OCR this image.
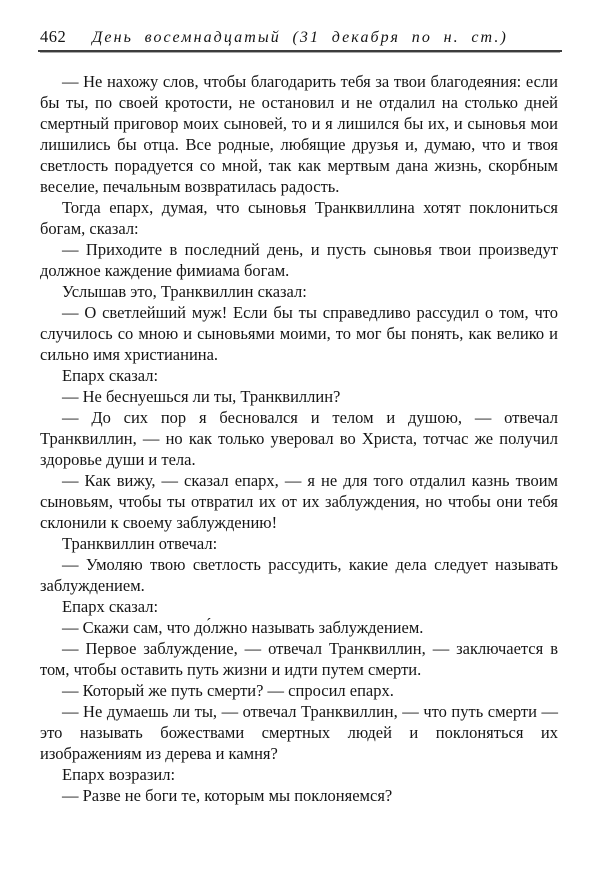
462	День восемнадцатый (31 декабря по н. ст.)

— Не нахожу слов, чтобы благодарить тебя за твои благодеяния: если бы ты, по своей кротости, не остановил и не отдалил на столько дней смертный приговор моих сыновей, то и я лишился бы их, и сыновья мои лишились бы отца. Все родные, любящие друзья и, думаю, что и твоя светлость порадуется со мной, так как мертвым дана жизнь, скорбным веселие, печальным возвратилась радость.

Тогда епарх, думая, что сыновья Транквиллина хотят поклониться богам, сказал:

— Приходите в последний день, и пусть сыновья твои произведут должное каждение фимиама богам.

Услышав это, Транквиллин сказал:

— О светлейший муж! Если бы ты справедливо рассудил о том, что случилось со мною и сыновьями моими, то мог бы понять, как велико и сильно имя христианина.

Епарх сказал:

— Не беснуешься ли ты, Транквиллин?

— До сих пор я бесновался и телом и душою, — отвечал Транквиллин, — но как только уверовал во Христа, тотчас же получил здоровье души и тела.

— Как вижу, — сказал епарх, — я не для того отдалил казнь твоим сыновьям, чтобы ты отвратил их от их заблуждения, но чтобы они тебя склонили к своему заблуждению!

Транквиллин отвечал:

— Умоляю твою светлость рассудить, какие дела следует называть заблуждением.

Епарх сказал:

— Скажи сам, что до́лжно называть заблуждением.

— Первое заблуждение, — отвечал Транквиллин, — заключается в том, чтобы оставить путь жизни и идти путем смерти.

— Который же путь смерти? — спросил епарх.

— Не думаешь ли ты, — отвечал Транквиллин, — что путь смерти — это называть божествами смертных людей и поклоняться их изображениям из дерева и камня?

Епарх возразил:

— Разве не боги те, которым мы поклоняемся?
